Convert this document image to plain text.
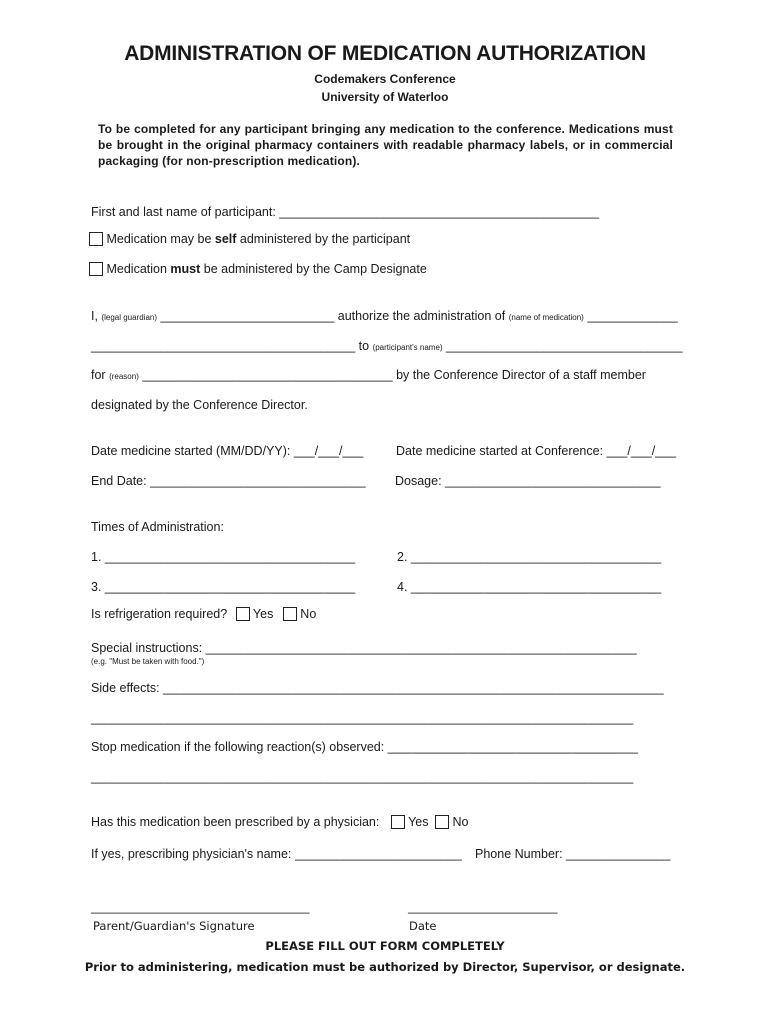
ADMINISTRATION OF MEDICATION AUTHORIZATION
Codemakers Conference
University of Waterloo
To be completed for any participant bringing any medication to the conference. Medications must be brought in the original pharmacy containers with readable pharmacy labels, or in commercial packaging (for non-prescription medication).
First and last name of participant: ______________________________________________
Medication may be self administered by the participant
Medication must be administered by the Camp Designate
I, (legal guardian) _________________________ authorize the administration of (name of medication) _____________
______________________________________ to (participant's name) __________________________________
for (reason) ____________________________________ by the Conference Director of a staff member
designated by the Conference Director.
Date medicine started (MM/DD/YY): ___/___/___	Date medicine started at Conference: ___/___/___
End Date: _______________________________ Dosage: _______________________________
Times of Administration:
1. ____________________________________	2. ____________________________________
3. ____________________________________	4. ____________________________________
Is refrigeration required? Yes No
Special instructions: ______________________________________________________________
(e.g. "Must be taken with food.")
Side effects: ________________________________________________________________________
______________________________________________________________________________
Stop medication if the following reaction(s) observed: ____________________________________
______________________________________________________________________________
Has this medication been prescribed by a physician: Yes No
If yes, prescribing physician's name: ________________________ Phone Number: _______________
______________________________________	__________________________
Parent/Guardian's Signature	Date
PLEASE FILL OUT FORM COMPLETELY
Prior to administering, medication must be authorized by Director, Supervisor, or designate.
